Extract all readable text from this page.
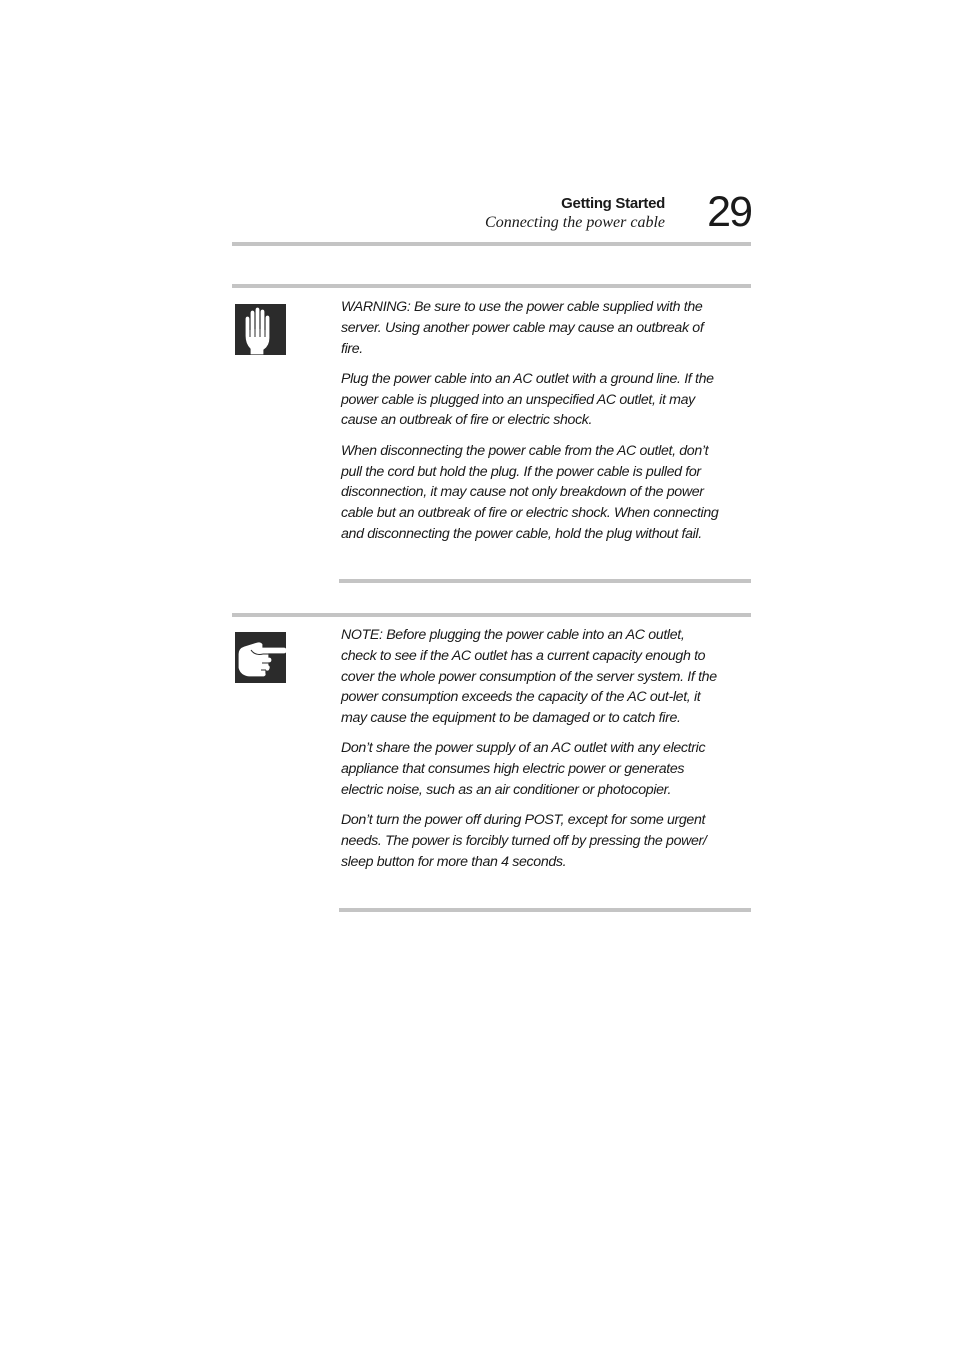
Getting Started
Connecting the power cable 29

WARNING: Be sure to use the power cable supplied with the server. Using another power cable may cause an outbreak of fire.

Plug the power cable into an AC outlet with a ground line. If the power cable is plugged into an unspecified AC outlet, it may cause an outbreak of fire or electric shock.

When disconnecting the power cable from the AC outlet, don’t pull the cord but hold the plug. If the power cable is pulled for disconnection, it may cause not only breakdown of the power cable but an outbreak of fire or electric shock. When connecting and disconnecting the power cable, hold the plug without fail.

NOTE: Before plugging the power cable into an AC outlet, check to see if the AC outlet has a current capacity enough to cover the whole power consumption of the server system. If the power consumption exceeds the capacity of the AC out-let, it may cause the equipment to be damaged or to catch fire.

Don’t share the power supply of an AC outlet with any electric appliance that consumes high electric power or generates electric noise, such as an air conditioner or photocopier.

Don’t turn the power off during POST, except for some urgent needs. The power is forcibly turned off by pressing the power/ sleep button for more than 4 seconds.
